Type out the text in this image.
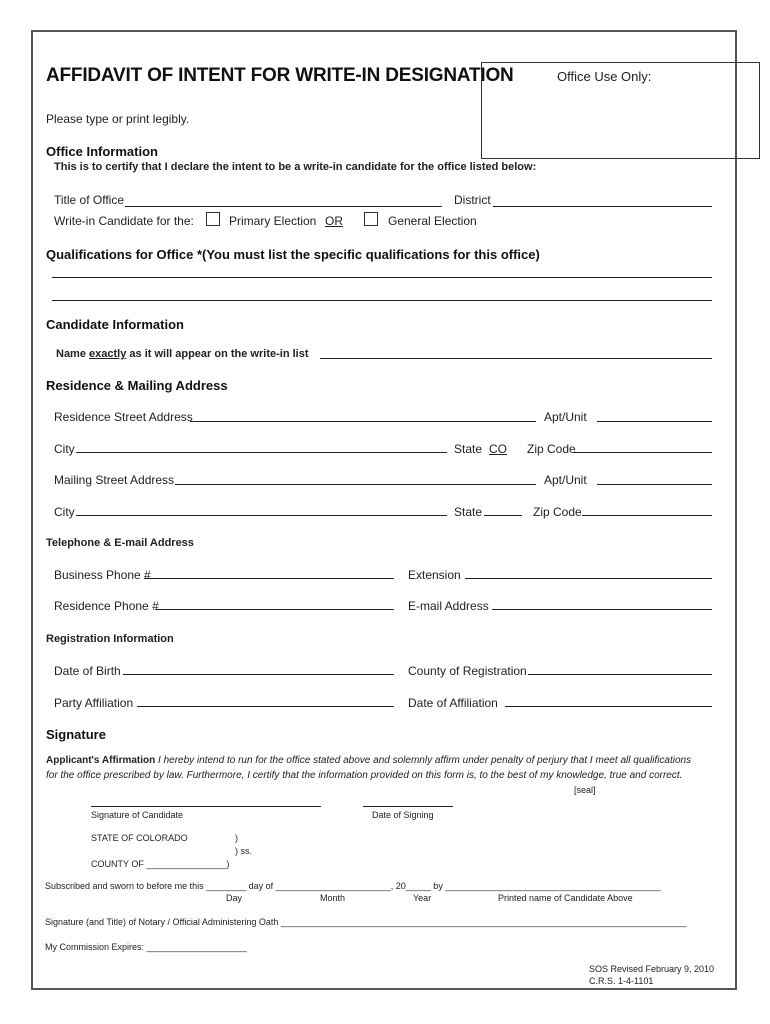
AFFIDAVIT OF INTENT FOR WRITE-IN DESIGNATION	Office Use Only:
Please type or print legibly.
Office Information
This is to certify that I declare the intent to be a write-in candidate for the office listed below:
Title of Office	District
Write-in Candidate for the:	Primary Election OR	General Election
Qualifications for Office *(You must list the specific qualifications for this office)
Candidate Information
Name exactly as it will appear on the write-in list
Residence & Mailing Address
Residence Street Address	Apt/Unit
City	State CO Zip Code
Mailing Street Address	Apt/Unit
City	State	Zip Code
Telephone & E-mail Address
Business Phone #	Extension
Residence Phone #	E-mail Address
Registration Information
Date of Birth	County of Registration
Party Affiliation	Date of Affiliation
Signature
Applicant's Affirmation I hereby intend to run for the office stated above and solemnly affirm under penalty of perjury that I meet all qualifications
for the office prescribed by law. Furthermore, I certify that the information provided on this form is, to the best of my knowledge, true and correct.
[seal]
Signature of Candidate	Date of Signing
STATE OF COLORADO	)
) ss.
COUNTY OF ________________)
Subscribed and sworn to before me this ________ day of _______________________, 20_____ by ___________________________________________
Day	Month	Year	Printed name of Candidate Above
Signature (and Title) of Notary / Official Administering Oath _________________________________________________________________________________
My Commission Expires: ____________________
SOS Revised February 9, 2010
C.R.S. 1-4-1101
